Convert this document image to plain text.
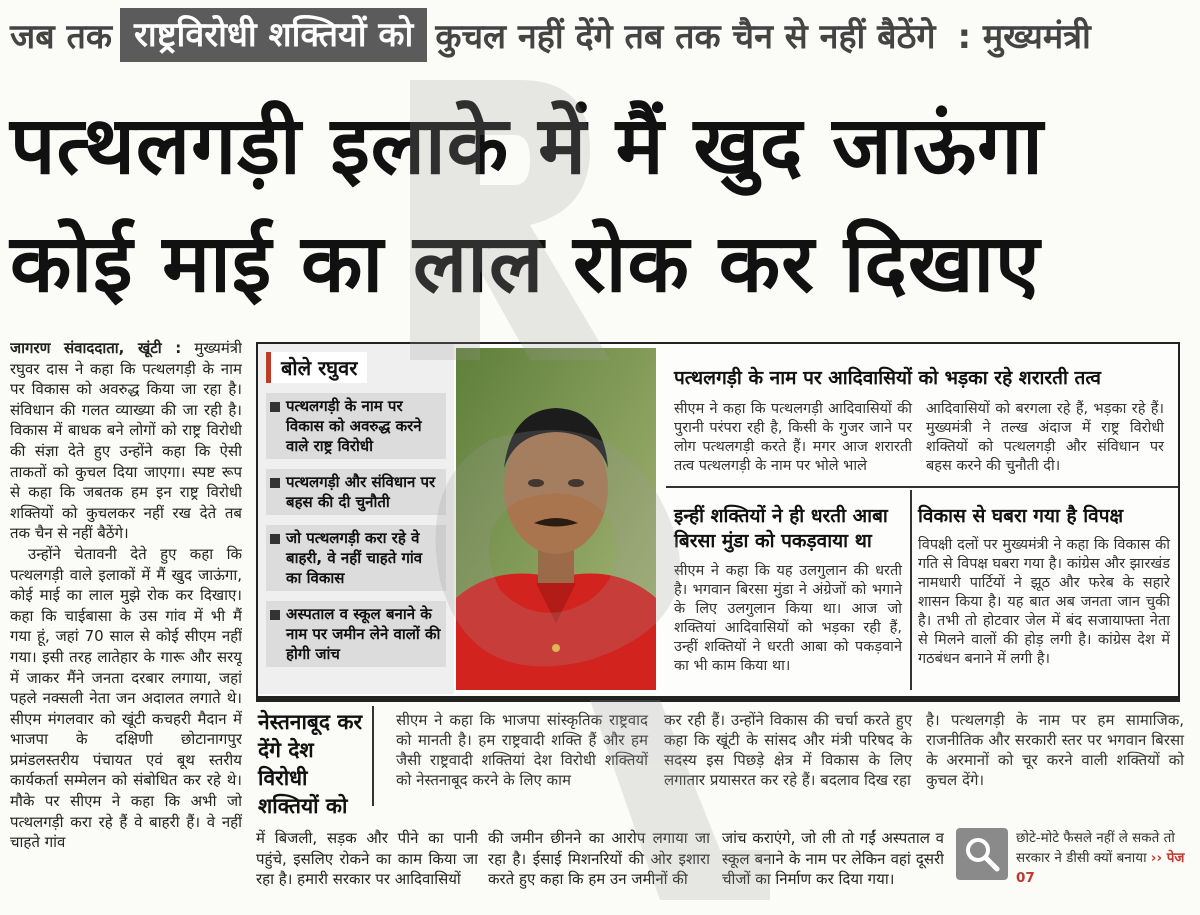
जब तक राष्ट्रविरोधी शक्तियों को कुचल नहीं देंगे तब तक चैन से नहीं बैठेंगे : मुख्यमंत्री
पत्थलगड़ी इलाके में मैं खुद जाऊंगा
कोई माई का लाल रोक कर दिखाए

जागरण संवाददाता, खूंटी : मुख्यमंत्री रघुवर दास ने कहा कि पत्थलगड़ी के नाम पर विकास को अवरुद्ध किया जा रहा है। संविधान की गलत व्याख्या की जा रही है। विकास में बाधक बने लोगों को राष्ट्र विरोधी की संज्ञा देते हुए उन्होंने कहा कि ऐसी ताकतों को कुचल दिया जाएगा। स्पष्ट रूप से कहा कि जबतक हम इन राष्ट्र विरोधी शक्तियों को कुचलकर नहीं रख देते तब तक चैन से नहीं बैठेंगे।

उन्होंने चेतावनी देते हुए कहा कि पत्थलगड़ी वाले इलाकों में मैं खुद जाऊंगा, कोई माई का लाल मुझे रोक कर दिखाए। कहा कि चाईबासा के उस गांव में भी मैं गया हूं, जहां 70 साल से कोई सीएम नहीं गया। इसी तरह लातेहार के गारू और सरयू में जाकर मैंने जनता दरबार लगाया, जहां पहले नक्सली नेता जन अदालत लगाते थे। सीएम मंगलवार को खूंटी कचहरी मैदान में भाजपा के दक्षिणी छोटानागपुर प्रमंडलस्तरीय पंचायत एवं बूथ स्तरीय कार्यकर्ता सम्मेलन को संबोधित कर रहे थे। मौके पर सीएम ने कहा कि अभी जो पत्थलगड़ी करा रहे हैं वे बाहरी हैं। वे नहीं चाहते गांव

बोले रघुवर
पत्थलगड़ी के नाम पर विकास को अवरुद्ध करने वाले राष्ट्र विरोधी
पत्थलगड़ी और संविधान पर बहस की दी चुनौती
जो पत्थलगड़ी करा रहे वे बाहरी, वे नहीं चाहते गांव का विकास
अस्पताल व स्कूल बनाने के नाम पर जमीन लेने वालों की होगी जांच
पत्थलगड़ी के नाम पर आदिवासियों को भड़का रहे शरारती तत्व
सीएम ने कहा कि पत्थलगड़ी आदिवासियों की पुरानी परंपरा रही है, किसी के गुजर जाने पर लोग पत्थलगड़ी करते हैं। मगर आज शरारती तत्व पत्थलगड़ी के नाम पर भोले भाले
आदिवासियों को बरगला रहे हैं, भड़का रहे हैं। मुख्यमंत्री ने तल्ख अंदाज में राष्ट्र विरोधी शक्तियों को पत्थलगड़ी और संविधान पर बहस करने की चुनौती दी।
इन्हीं शक्तियों ने ही धरती आबा बिरसा मुंडा को पकड़वाया था
सीएम ने कहा कि यह उलगुलान की धरती है। भगवान बिरसा मुंडा ने अंग्रेजों को भगाने के लिए उलगुलान किया था। आज जो शक्तियां आदिवासियों को भड़का रही हैं, उन्हीं शक्तियों ने धरती आबा को पकड़वाने का भी काम किया था।
विकास से घबरा गया है विपक्ष
विपक्षी दलों पर मुख्यमंत्री ने कहा कि विकास की गति से विपक्ष घबरा गया है। कांग्रेस और झारखंड नामधारी पार्टियों ने झूठ और फरेब के सहारे शासन किया है। यह बात अब जनता जान चुकी है। तभी तो होटवार जेल में बंद सजायाफ्ता नेता से मिलने वालों की होड़ लगी है। कांग्रेस देश में गठबंधन बनाने में लगी है।
नेस्तनाबूद कर देंगे देश विरोधी शक्तियों को
सीएम ने कहा कि भाजपा सांस्कृतिक राष्ट्रवाद को मानती है। हम राष्ट्रवादी शक्ति हैं और हम जैसी राष्ट्रवादी शक्तियां देश विरोधी शक्तियों को नेस्तनाबूद करने के लिए काम
कर रही हैं। उन्होंने विकास की चर्चा करते हुए कहा कि खूंटी के सांसद और मंत्री परिषद के सदस्य इस पिछड़े क्षेत्र में विकास के लिए लगातार प्रयासरत कर रहे हैं। बदलाव दिख रहा
है। पत्थलगड़ी के नाम पर हम सामाजिक, राजनीतिक और सरकारी स्तर पर भगवान बिरसा के अरमानों को चूर करने वाली शक्तियों को कुचल देंगे।
में बिजली, सड़क और पीने का पानी पहुंचे, इसलिए रोकने का काम किया जा रहा है। हमारी सरकार पर आदिवासियों
की जमीन छीनने का आरोप लगाया जा रहा है। ईसाई मिशनरियों की ओर इशारा करते हुए कहा कि हम उन जमीनों की
जांच कराएंगे, जो ली तो गईं अस्पताल व स्कूल बनाने के नाम पर लेकिन वहां दूसरी चीजों का निर्माण कर दिया गया।
छोटे-मोटे फैसले नहीं ले सकते तो सरकार ने डीसी क्यों बनाया ›› पेज 07
